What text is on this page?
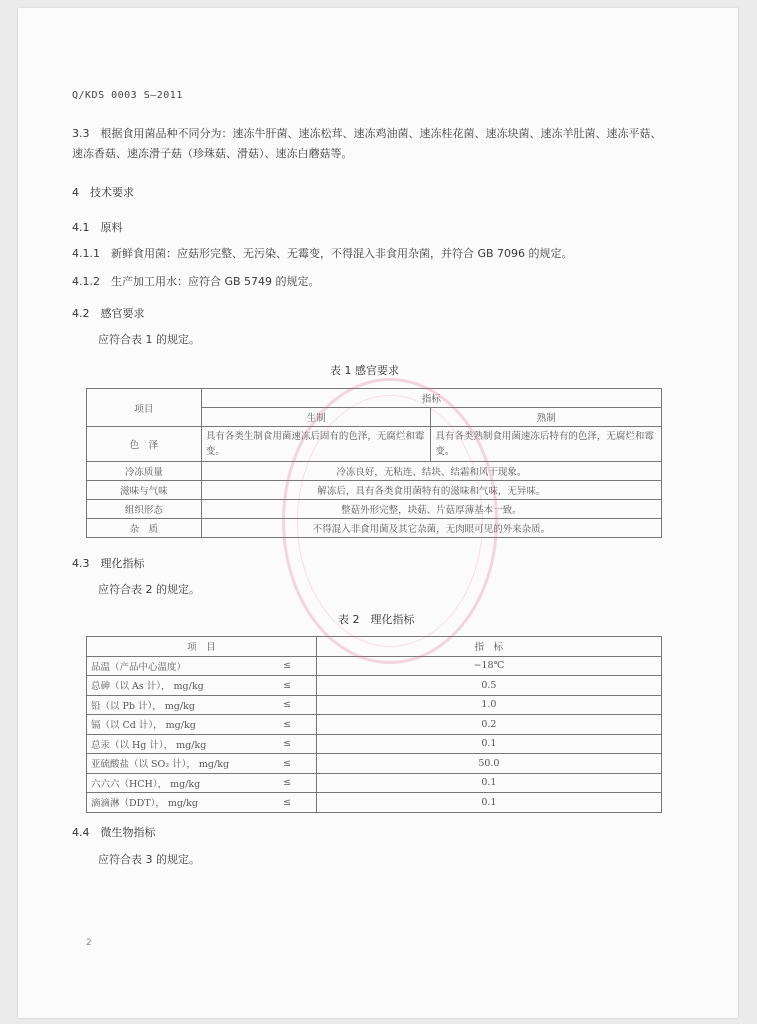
Q/KDS 0003 S—2011
3.3　根据食用菌品种不同分为：速冻牛肝菌、速冻松茸、速冻鸡油菌、速冻桂花菌、速冻块菌、速冻羊肚菌、速冻平菇、速冻香菇、速冻滑子菇（珍珠菇、滑菇）、速冻白蘑菇等。
4　技术要求
4.1　原料
4.1.1　新鲜食用菌：应菇形完整、无污染、无霉变，不得混入非食用杂菌，并符合 GB 7096 的规定。
4.1.2　生产加工用水：应符合 GB 5749 的规定。
4.2　感官要求
应符合表 1 的规定。
表 1 感官要求
项目	指标	
	生制	熟制
色　泽	具有各类生制食用菌速冻后固有的色泽，无腐烂和霉变。	具有各类熟制食用菌速冻后特有的色泽，无腐烂和霉变。
冷冻质量	冷冻良好，无粘连、结块、结霜和风干现象。	
滋味与气味	解冻后，具有各类食用菌特有的滋味和气味，无异味。	
组织形态	整菇外形完整，块菇、片菇厚薄基本一致。	
杂　质	不得混入非食用菌及其它杂菌，无肉眼可见的外来杂质。	
4.3　理化指标
应符合表 2 的规定。
表 2　理化指标
项　目		指　标
品温（产品中心温度）	≤	−18℃
总砷（以 As 计）， mg/kg	≤	0.5
铅（以 Pb 计）， mg/kg	≤	1.0
镉（以 Cd 计）， mg/kg	≤	0.2
总汞（以 Hg 计）， mg/kg	≤	0.1
亚硫酸盐（以 SO₂ 计）， mg/kg	≤	50.0
六六六（HCH）， mg/kg	≤	0.1
滴滴淋（DDT）， mg/kg	≤	0.1
4.4　微生物指标
应符合表 3 的规定。
2
